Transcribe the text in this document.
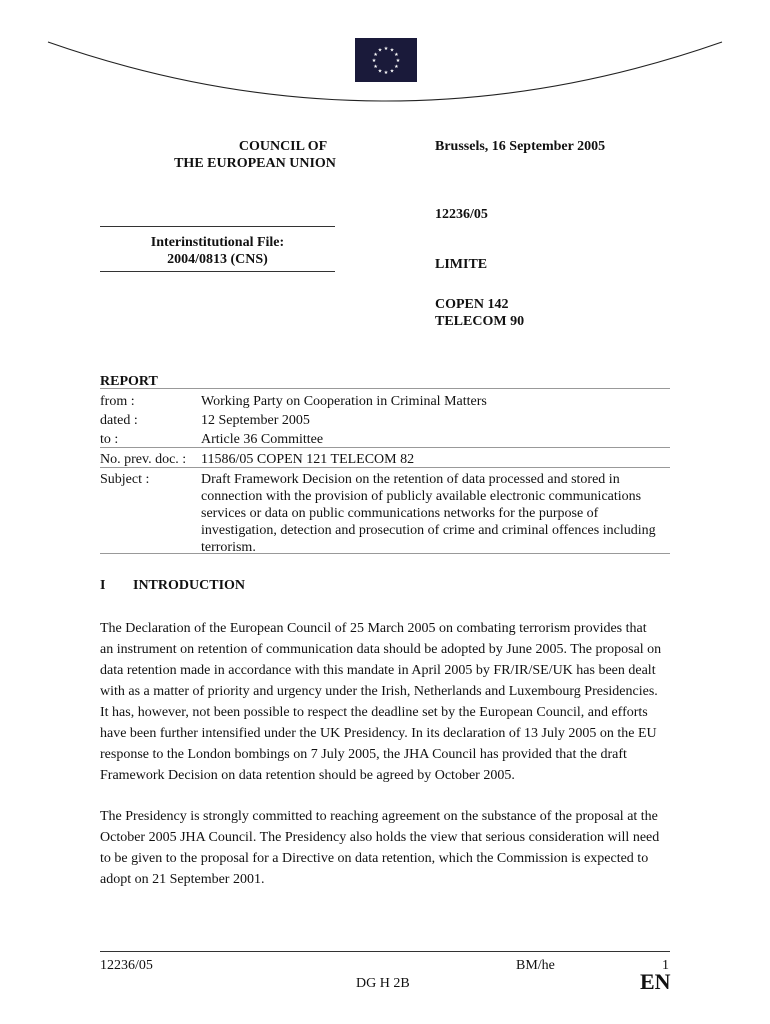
★ ★
★
★
★
★
★
★
★
★
★
★
COUNCIL OF
THE EUROPEAN UNION
Brussels, 16 September 2005
12236/05
LIMITE
COPEN 142
TELECOM 90
Interinstitutional File:
2004/0813 (CNS)
REPORT
from :	Working Party on Cooperation in Criminal Matters
dated :	12 September 2005
to :	Article 36 Committee
No. prev. doc. :	11586/05 COPEN 121 TELECOM 82
Subject :	Draft Framework Decision on the retention of data processed and stored in
connection with the provision of publicly available electronic communications
services or data on public communications networks for the purpose of
investigation, detection and prosecution of crime and criminal offences including
terrorism.
I INTRODUCTION
The Declaration of the European Council of 25 March 2005 on combating terrorism provides that
an instrument on retention of communication data should be adopted by June 2005. The proposal on
data retention made in accordance with this mandate in April 2005 by FR/IR/SE/UK has been dealt
with as a matter of priority and urgency under the Irish, Netherlands and Luxembourg Presidencies.
It has, however, not been possible to respect the deadline set by the European Council, and efforts
have been further intensified under the UK Presidency. In its declaration of 13 July 2005 on the EU
response to the London bombings on 7 July 2005, the JHA Council has provided that the draft
Framework Decision on data retention should be agreed by October 2005.
The Presidency is strongly committed to reaching agreement on the substance of the proposal at the
October 2005 JHA Council. The Presidency also holds the view that serious consideration will need
to be given to the proposal for a Directive on data retention, which the Commission is expected to
adopt on 21 September 2001.
12236/05	BM/he	1
DG H 2B	EN
